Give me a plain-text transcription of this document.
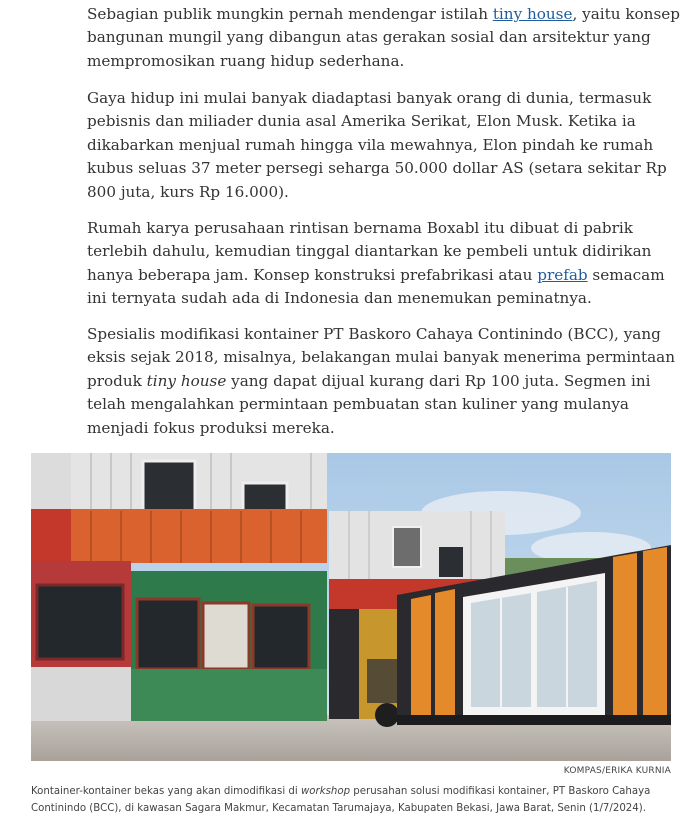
Sebagian publik mungkin pernah mendengar istilah tiny house, yaitu konsep
bangunan mungil yang dibangun atas gerakan sosial dan arsitektur yang
mempromosikan ruang hidup sederhana.

Gaya hidup ini mulai banyak diadaptasi banyak orang di dunia, termasuk
pebisnis dan miliader dunia asal Amerika Serikat, Elon Musk. Ketika ia
dikabarkan menjual rumah hingga vila mewahnya, Elon pindah ke rumah
kubus seluas 37 meter persegi seharga 50.000 dollar AS (setara sekitar Rp
800 juta, kurs Rp 16.000).

Rumah karya perusahaan rintisan bernama Boxabl itu dibuat di pabrik
terlebih dahulu, kemudian tinggal diantarkan ke pembeli untuk didirikan
hanya beberapa jam. Konsep konstruksi prefabrikasi atau prefab semacam
ini ternyata sudah ada di Indonesia dan menemukan peminatnya.

Spesialis modifikasi kontainer PT Baskoro Cahaya Continindo (BCC), yang
eksis sejak 2018, misalnya, belakangan mulai banyak menerima permintaan
produk tiny house yang dapat dijual kurang dari Rp 100 juta. Segmen ini
telah mengalahkan permintaan pembuatan stan kuliner yang mulanya
menjadi fokus produksi mereka.

KOMPAS/ERIKA KURNIA

Kontainer-kontainer bekas yang akan dimodifikasi di workshop perusahan solusi modifikasi kontainer, PT Baskoro Cahaya
Continindo (BCC), di kawasan Sagara Makmur, Kecamatan Tarumajaya, Kabupaten Bekasi, Jawa Barat, Senin (1/7/2024).
